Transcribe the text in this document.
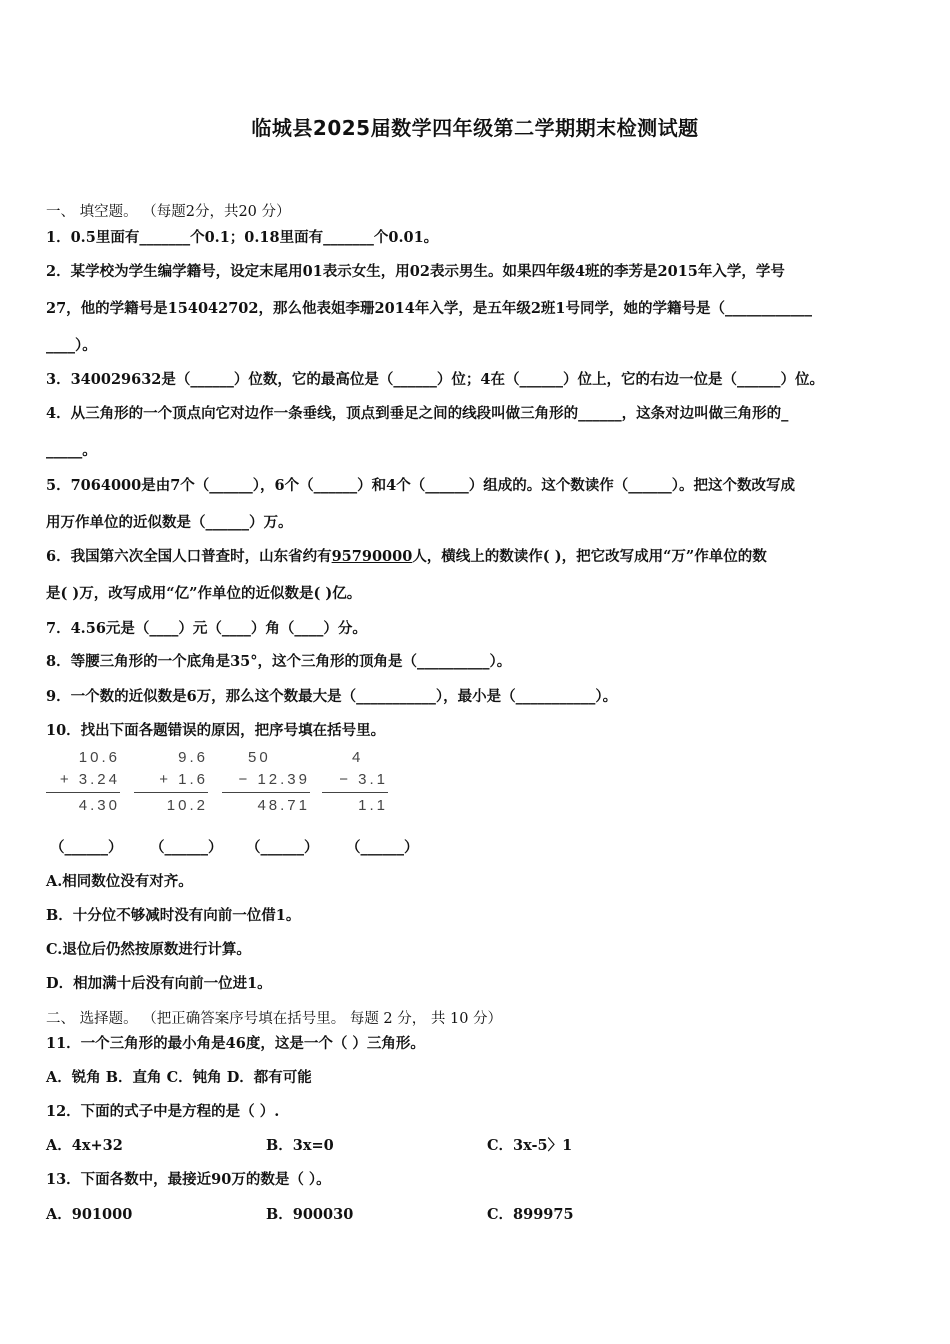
临城县2025届数学四年级第二学期期末检测试题
一、 填空题。 （每题2分，共20 分）
1．0.5里面有_______个0.1；0.18里面有_______个0.01。
2．某学校为学生编学籍号，设定末尾用01表示女生，用02表示男生。如果四年级4班的李芳是2015年入学，学号
27，他的学籍号是154042702，那么他表姐李珊2014年入学，是五年级2班1号同学，她的学籍号是（____________
____）。
3．340029632是（______）位数，它的最高位是（______）位；4在（______）位上，它的右边一位是（______）位。
4．从三角形的一个顶点向它对边作一条垂线，顶点到垂足之间的线段叫做三角形的______，这条对边叫做三角形的_
_____。
5．7064000是由7个（______），6个（______）和4个（______）组成的。这个数读作（______）。把这个数改写成
用万作单位的近似数是（______）万。
6．我国第六次全国人口普查时，山东省约有95790000人，横线上的数读作( )，把它改写成用“万”作单位的数
是( )万，改写成用“亿”作单位的近似数是( )亿。
7．4.56元是（____）元（____）角（____）分。
8．等腰三角形的一个底角是35°，这个三角形的顶角是（__________）。
9．一个数的近似数是6万，那么这个数最大是（___________），最小是（___________）。
10．找出下面各题错误的原因，把序号填在括号里。
10.6
+ 3.24
4.30
9.6
+ 1.6
10.2
50
− 12.39
48.71
4
− 3.1
1.1
（______） （______） （______） （______）
A.相同数位没有对齐。
B．十分位不够减时没有向前一位借1。
C.退位后仍然按原数进行计算。
D．相加满十后没有向前一位进1。
二、 选择题。 （把正确答案序号填在括号里。 每题 2 分， 共 10 分）
11．一个三角形的最小角是46度，这是一个（ ）三角形。
A．锐角 B．直角 C．钝角 D．都有可能
12．下面的式子中是方程的是（ ）.
A．4x+32	B．3x=0	C．3x-5〉1
13．下面各数中，最接近90万的数是（ ）。
A．901000	B．900030	C．899975
